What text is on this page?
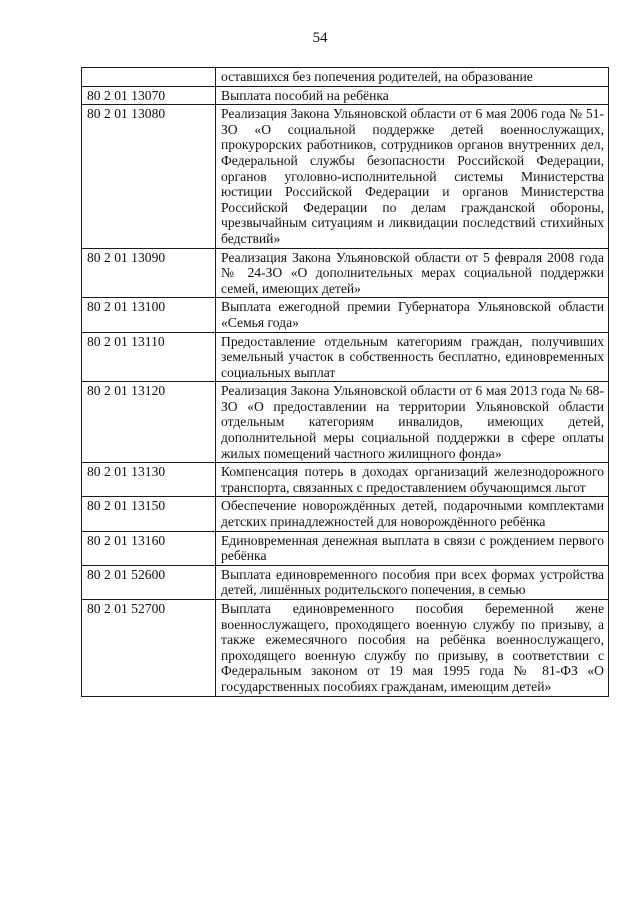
54
	оставшихся без попечения родителей, на образование
80 2 01 13070	Выплата пособий на ребёнка
80 2 01 13080	Реализация Закона Ульяновской области от 6 мая 2006 года № 51-ЗО «О социальной поддержке детей военнослужащих, прокурорских работников, сотрудников органов внутренних дел, Федеральной службы безопасности Российской Федерации, органов уголовно-исполнительной системы Министерства юстиции Российской Федерации и органов Министерства Российской Федерации по делам гражданской обороны, чрезвычайным ситуациям и ликвидации последствий стихийных бедствий»
80 2 01 13090	Реализация Закона Ульяновской области от 5 февраля 2008 года № 24-ЗО «О дополнительных мерах социальной поддержки семей, имеющих детей»
80 2 01 13100	Выплата ежегодной премии Губернатора Ульяновской области «Семья года»
80 2 01 13110	Предоставление отдельным категориям граждан, получивших земельный участок в собственность бесплатно, единовременных социальных выплат
80 2 01 13120	Реализация Закона Ульяновской области от 6 мая 2013 года № 68-ЗО «О предоставлении на территории Ульяновской области отдельным категориям инвалидов, имеющих детей, дополнительной меры социальной поддержки в сфере оплаты жилых помещений частного жилищного фонда»
80 2 01 13130	Компенсация потерь в доходах организаций железнодорожного транспорта, связанных с предоставлением обучающимся льгот
80 2 01 13150	Обеспечение новорождённых детей, подарочными комплектами детских принадлежностей для новорождённого ребёнка
80 2 01 13160	Единовременная денежная выплата в связи с рождением первого ребёнка
80 2 01 52600	Выплата единовременного пособия при всех формах устройства детей, лишённых родительского попечения, в семью
80 2 01 52700	Выплата единовременного пособия беременной жене военнослужащего, проходящего военную службу по призыву, а также ежемесячного пособия на ребёнка военнослужащего, проходящего военную службу по призыву, в соответствии с Федеральным законом от 19 мая 1995 года № 81-ФЗ «О государственных пособиях гражданам, имеющим детей»
